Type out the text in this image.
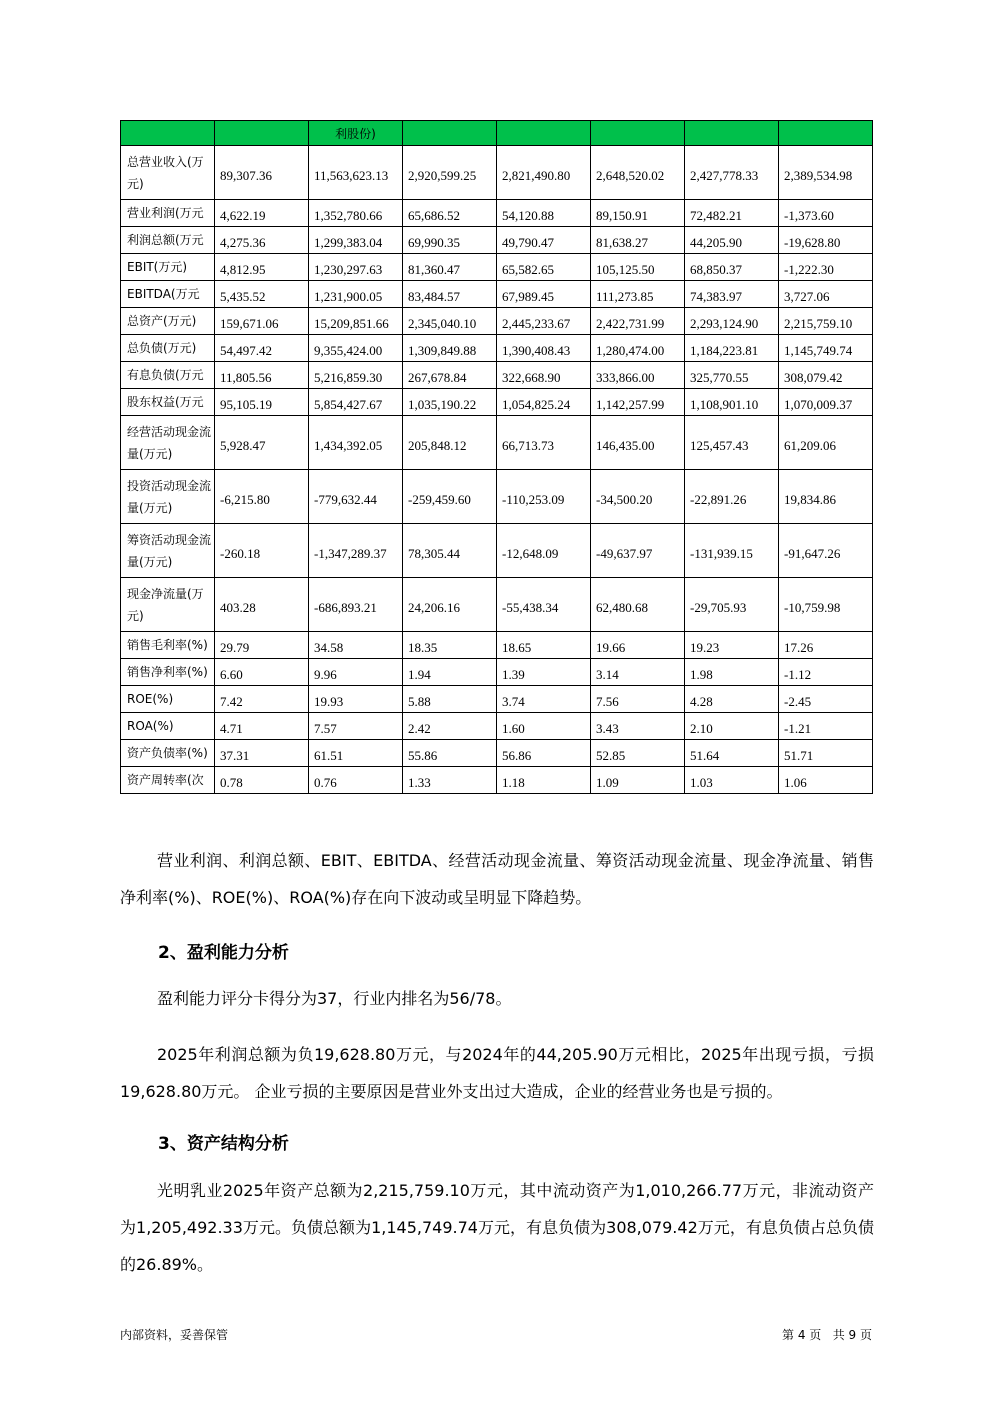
		利股份)					
总营业收入(万元)	89,307.36	11,563,623.13	2,920,599.25	2,821,490.80	2,648,520.02	2,427,778.33	2,389,534.98
营业利润(万元	4,622.19	1,352,780.66	65,686.52	54,120.88	89,150.91	72,482.21	-1,373.60
利润总额(万元	4,275.36	1,299,383.04	69,990.35	49,790.47	81,638.27	44,205.90	-19,628.80
EBIT(万元)	4,812.95	1,230,297.63	81,360.47	65,582.65	105,125.50	68,850.37	-1,222.30
EBITDA(万元	5,435.52	1,231,900.05	83,484.57	67,989.45	111,273.85	74,383.97	3,727.06
总资产(万元)	159,671.06	15,209,851.66	2,345,040.10	2,445,233.67	2,422,731.99	2,293,124.90	2,215,759.10
总负债(万元)	54,497.42	9,355,424.00	1,309,849.88	1,390,408.43	1,280,474.00	1,184,223.81	1,145,749.74
有息负债(万元	11,805.56	5,216,859.30	267,678.84	322,668.90	333,866.00	325,770.55	308,079.42
股东权益(万元	95,105.19	5,854,427.67	1,035,190.22	1,054,825.24	1,142,257.99	1,108,901.10	1,070,009.37
经营活动现金流量(万元)	5,928.47	1,434,392.05	205,848.12	66,713.73	146,435.00	125,457.43	61,209.06
投资活动现金流量(万元)	-6,215.80	-779,632.44	-259,459.60	-110,253.09	-34,500.20	-22,891.26	19,834.86
筹资活动现金流量(万元)	-260.18	-1,347,289.37	78,305.44	-12,648.09	-49,637.97	-131,939.15	-91,647.26
现金净流量(万元)	403.28	-686,893.21	24,206.16	-55,438.34	62,480.68	-29,705.93	-10,759.98
销售毛利率(%)	29.79	34.58	18.35	18.65	19.66	19.23	17.26
销售净利率(%)	6.60	9.96	1.94	1.39	3.14	1.98	-1.12
ROE(%)	7.42	19.93	5.88	3.74	7.56	4.28	-2.45
ROA(%)	4.71	7.57	2.42	1.60	3.43	2.10	-1.21
资产负债率(%)	37.31	61.51	55.86	56.86	52.85	51.64	51.71
资产周转率(次	0.78	0.76	1.33	1.18	1.09	1.03	1.06

营业利润、利润总额、EBIT、EBITDA、经营活动现金流量、筹资活动现金流量、现金净流量、销售净利率(%)、ROE(%)、ROA(%)存在向下波动或呈明显下降趋势。

2、盈利能力分析

盈利能力评分卡得分为37，行业内排名为56/78。

2025年利润总额为负19,628.80万元，与2024年的44,205.90万元相比，2025年出现亏损，亏损19,628.80万元。 企业亏损的主要原因是营业外支出过大造成，企业的经营业务也是亏损的。

3、资产结构分析

光明乳业2025年资产总额为2,215,759.10万元，其中流动资产为1,010,266.77万元，非流动资产为1,205,492.33万元。负债总额为1,145,749.74万元，有息负债为308,079.42万元，有息负债占总负债的26.89%。

内部资料，妥善保管	第 4 页   共 9 页
